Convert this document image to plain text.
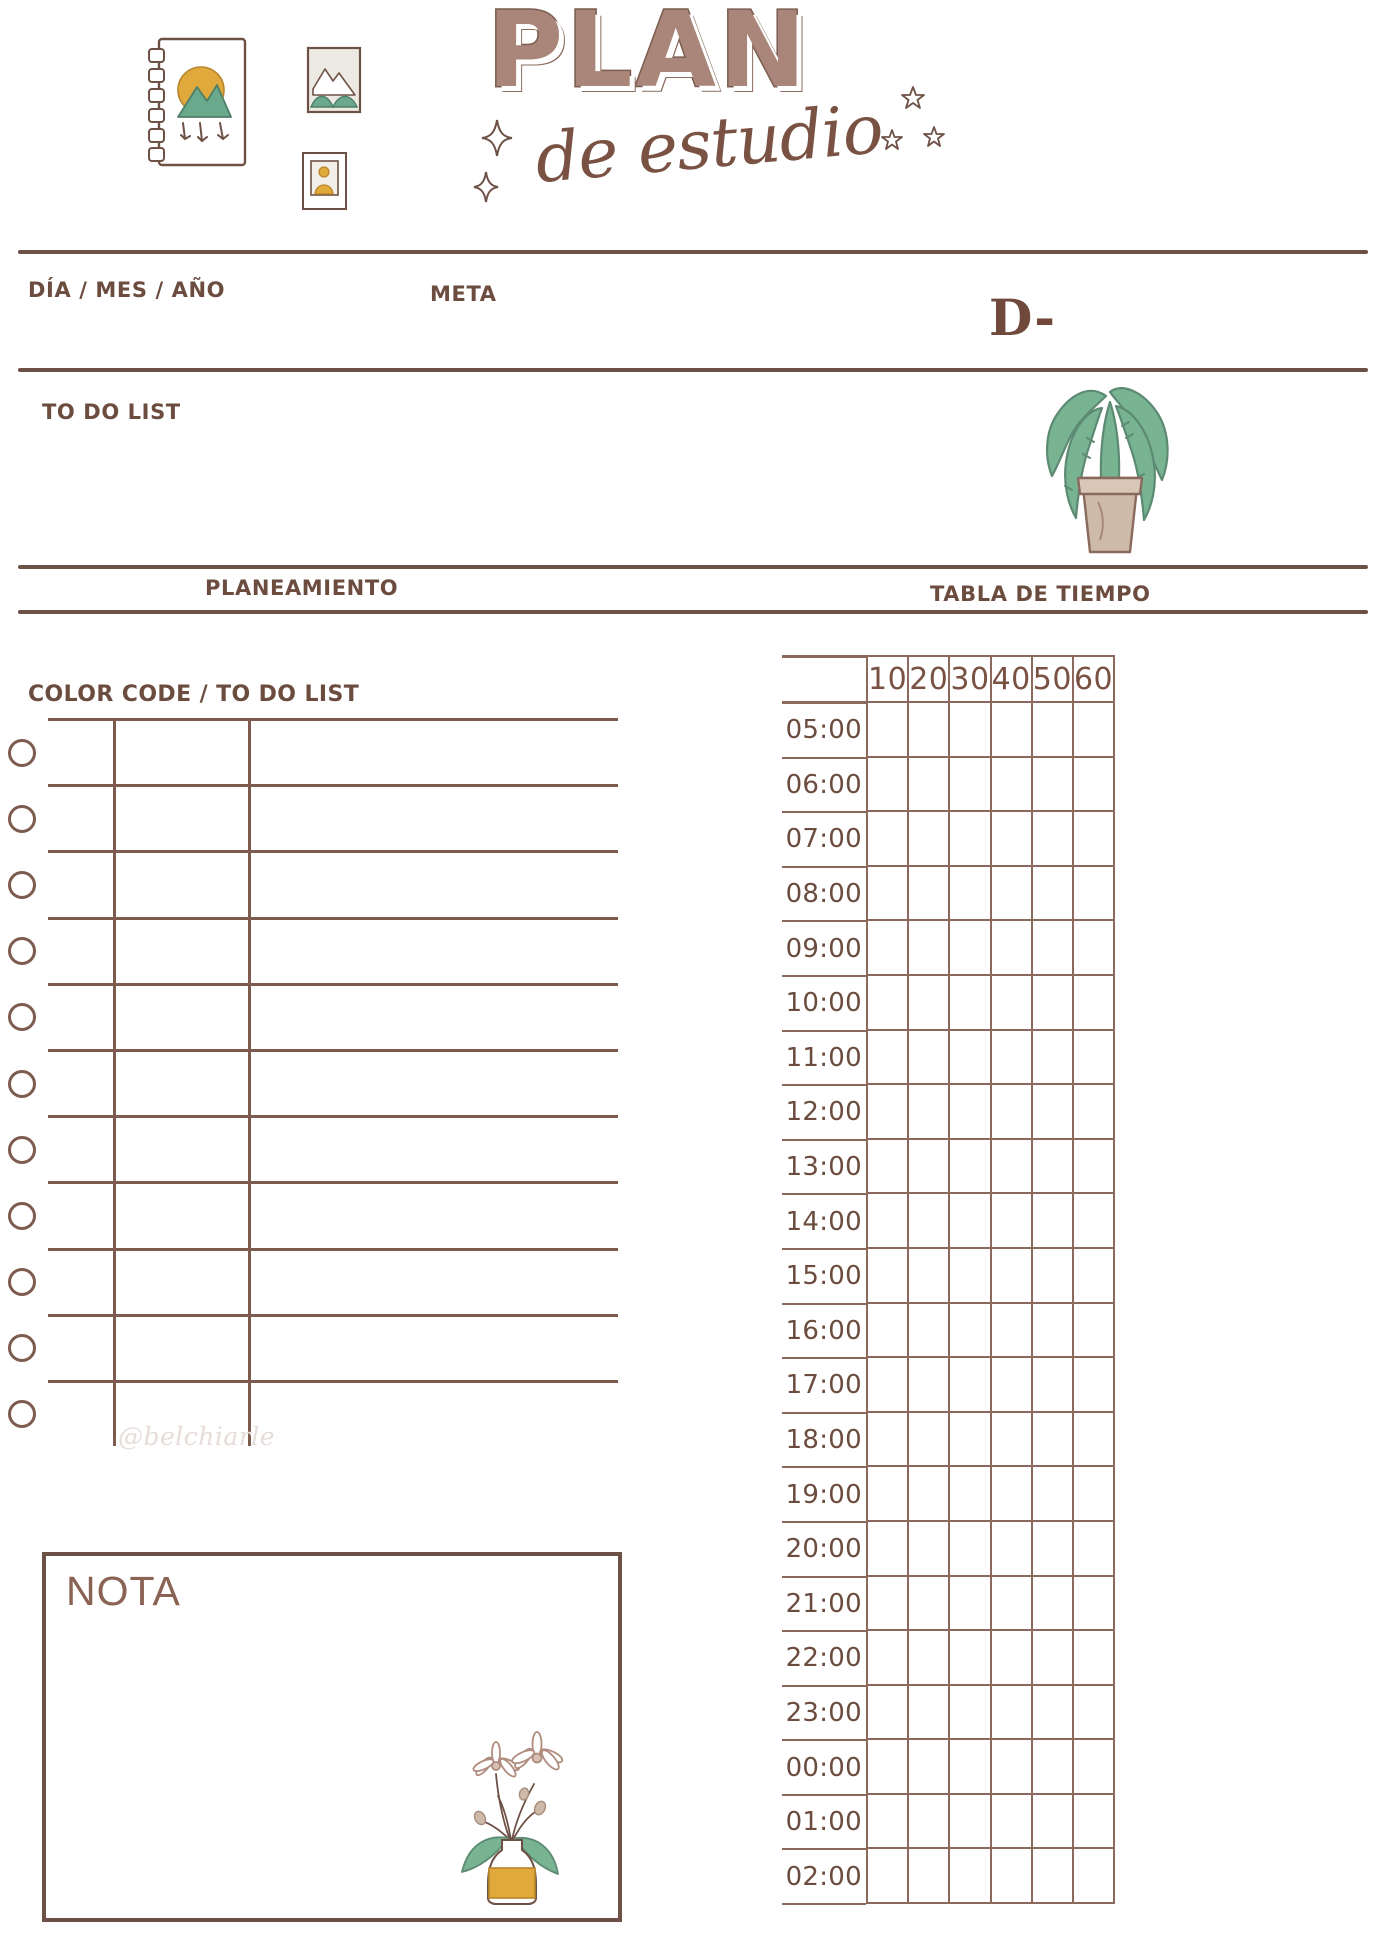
PLAN
de estudio
DÍA / MES / AÑO	META	D-
TO DO LIST
PLANEAMIENTO	TABLA DE TIEMPO
COLOR CODE / TO DO LIST
@belchiarle
NOTA
	10	20	30	40	50	60

05:00
06:00
07:00
08:00
09:00
10:00
11:00
12:00
13:00
14:00
15:00
16:00
17:00
18:00
19:00
20:00
21:00
22:00
23:00
00:00
01:00
02:00
